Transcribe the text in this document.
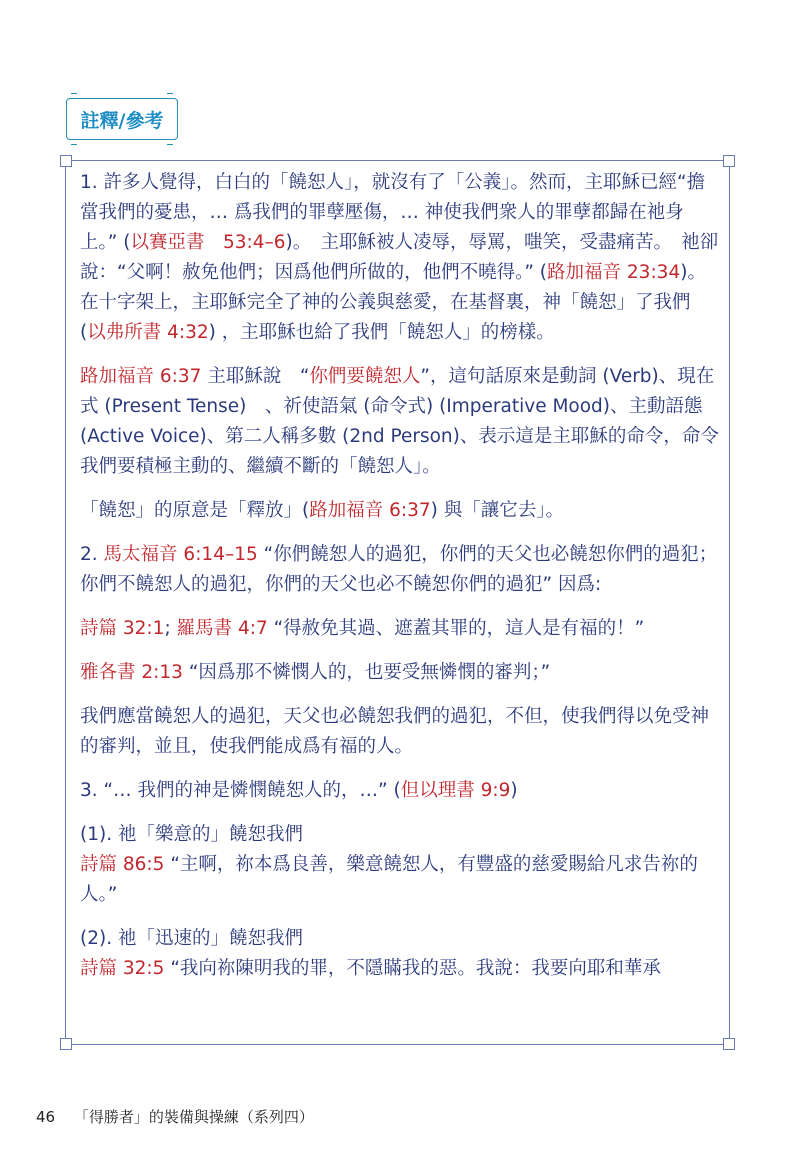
註釋/參考

1. 許多人覺得，白白的「饒恕人」，就沒有了「公義」。然而，主耶穌已經“擔當我們的憂患，… 爲我們的罪孽壓傷，… 神使我們衆人的罪孽都歸在祂身上。” (以賽亞書　53:4–6)。　主耶穌被人凌辱，辱罵，嗤笑，受盡痛苦。　祂卻說：“父啊！赦免他們；因爲他們所做的，他們不曉得。” (路加福音 23:34)。 在十字架上，主耶穌完全了神的公義與慈愛，在基督裏，神「饒恕」了我們 (以弗所書 4:32) ，主耶穌也給了我們「饒恕人」的榜樣。

路加福音 6:37 主耶穌說　“你們要饒恕人”，這句話原來是動詞 (Verb)、現在式 (Present Tense)　、祈使語氣 (命令式) (Imperative Mood)、主動語態 (Active Voice)、第二人稱多數 (2nd Person)、表示這是主耶穌的命令，命令我們要積極主動的、繼續不斷的「饒恕人」。

「饒恕」的原意是「釋放」(路加福音 6:37) 與「讓它去」。

2. 馬太福音 6:14–15 “你們饒恕人的過犯，你們的天父也必饒恕你們的過犯；你們不饒恕人的過犯，你們的天父也必不饒恕你們的過犯” 因爲:

詩篇 32:1; 羅馬書 4:7 “得赦免其過、遮蓋其罪的，這人是有福的！”

雅各書 2:13 “因爲那不憐憫人的，也要受無憐憫的審判；”

我們應當饒恕人的過犯，天父也必饒恕我們的過犯，不但，使我們得以免受神的審判，並且，使我們能成爲有福的人。

3. “… 我們的神是憐憫饒恕人的，…” (但以理書 9:9)

(1). 祂「樂意的」饒恕我們
詩篇 86:5 “主啊，祢本爲良善，樂意饒恕人，有豐盛的慈愛賜給凡求告祢的人。”

(2). 祂「迅速的」饒恕我們
詩篇 32:5 “我向祢陳明我的罪，不隱瞞我的惡。我說：我要向耶和華承

46 「得勝者」的裝備與操練（系列四）
